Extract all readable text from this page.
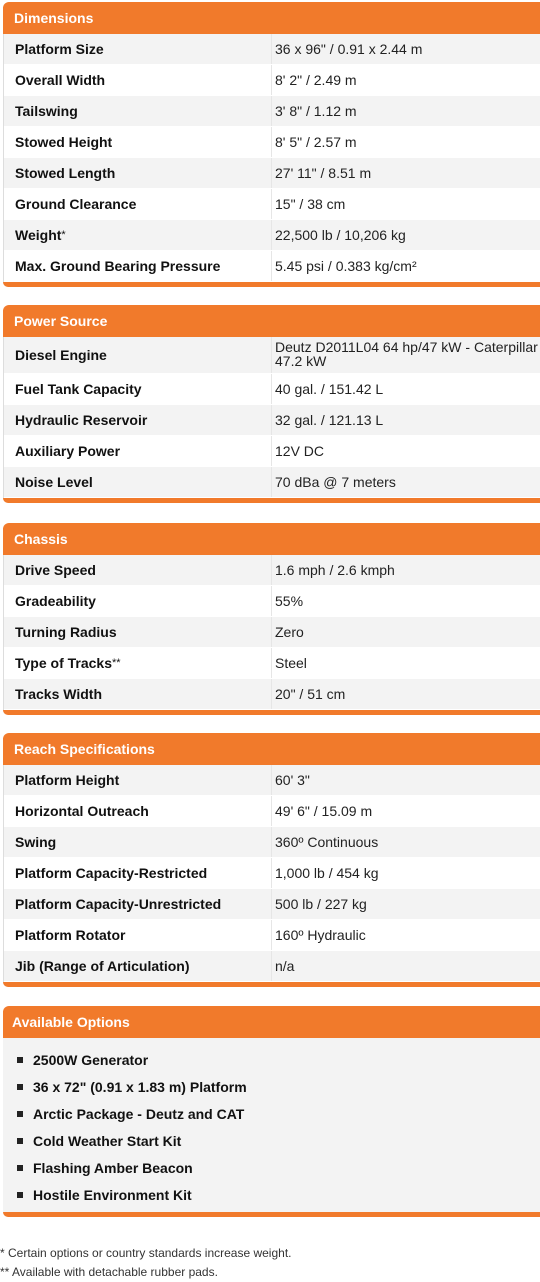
Dimensions
Platform Size	36 x 96" / 0.91 x 2.44 m
Overall Width	8' 2" / 2.49 m
Tailswing	3' 8" / 1.12 m
Stowed Height	8' 5" / 2.57 m
Stowed Length	27' 11" / 8.51 m
Ground Clearance	15" / 38 cm
Weight *	22,500 lb / 10,206 kg
Max. Ground Bearing Pressure	5.45 psi / 0.383 kg/cm²
Power Source
Diesel Engine	Deutz D2011L04 64 hp/47 kW - Caterpillar
47.2 kW
Fuel Tank Capacity	40 gal. / 151.42 L
Hydraulic Reservoir	32 gal. / 121.13 L
Auxiliary Power	12V DC
Noise Level	70 dBa @ 7 meters
Chassis
Drive Speed	1.6 mph / 2.6 kmph
Gradeability	55%
Turning Radius	Zero
Type of Tracks **	Steel
Tracks Width	20" / 51 cm
Reach Specifications
Platform Height	60' 3"
Horizontal Outreach	49' 6" / 15.09 m
Swing	360º Continuous
Platform Capacity-Restricted	1,000 lb / 454 kg
Platform Capacity-Unrestricted	500 lb / 227 kg
Platform Rotator	160º Hydraulic
Jib (Range of Articulation)	n/a
Available Options
2500W Generator
36 x 72" (0.91 x 1.83 m) Platform
Arctic Package - Deutz and CAT
Cold Weather Start Kit
Flashing Amber Beacon
Hostile Environment Kit
* Certain options or country standards increase weight.
** Available with detachable rubber pads.
